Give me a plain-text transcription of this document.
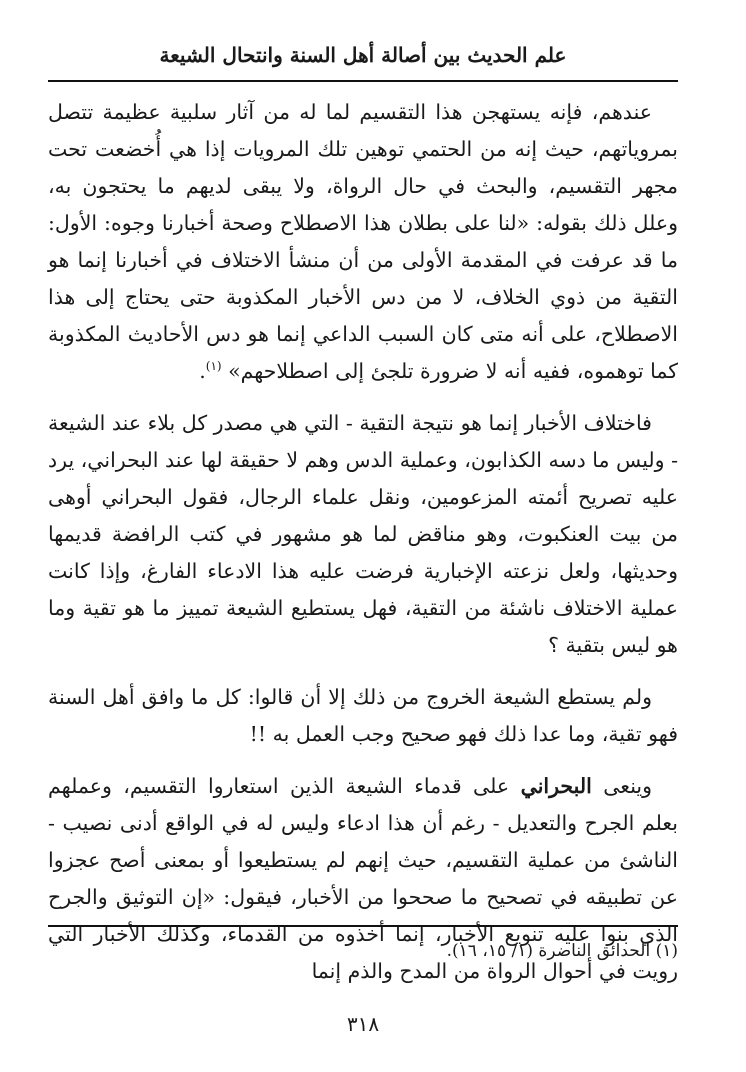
علم الحديث بين أصالة أهل السنة وانتحال الشيعة

عندهم، فإنه يستهجن هذا التقسيم لما له من آثار سلبية عظيمة تتصل بمروياتهم، حيث إنه من الحتمي توهين تلك المرويات إذا هي أُخضعت تحت مجهر التقسيم، والبحث في حال الرواة، ولا يبقى لديهم ما يحتجون به، وعلل ذلك بقوله: «لنا على بطلان هذا الاصطلاح وصحة أخبارنا وجوه: الأول: ما قد عرفت في المقدمة الأولى من أن منشأ الاختلاف في أخبارنا إنما هو التقية من ذوي الخلاف، لا من دس الأخبار المكذوبة حتى يحتاج إلى هذا الاصطلاح، على أنه متى كان السبب الداعي إنما هو دس الأحاديث المكذوبة كما توهموه، ففيه أنه لا ضرورة تلجئ إلى اصطلاحهم» $^{(١)}$.

فاختلاف الأخبار إنما هو نتيجة التقية - التي هي مصدر كل بلاء عند الشيعة - وليس ما دسه الكذابون، وعملية الدس وهم لا حقيقة لها عند البحراني، يرد عليه تصريح أئمته المزعومين، ونقل علماء الرجال، فقول البحراني أوهى من بيت العنكبوت، وهو مناقض لما هو مشهور في كتب الرافضة قديمها وحديثها، ولعل نزعته الإخبارية فرضت عليه هذا الادعاء الفارغ، وإذا كانت عملية الاختلاف ناشئة من التقية، فهل يستطيع الشيعة تمييز ما هو تقية وما هو ليس بتقية ؟

ولم يستطع الشيعة الخروج من ذلك إلا أن قالوا: كل ما وافق أهل السنة فهو تقية، وما عدا ذلك فهو صحيح وجب العمل به !!

وينعى البحراني على قدماء الشيعة الذين استعاروا التقسيم، وعملهم بعلم الجرح والتعديل - رغم أن هذا ادعاء وليس له في الواقع أدنى نصيب - الناشئ من عملية التقسيم، حيث إنهم لم يستطيعوا أو بمعنى أصح عجزوا عن تطبيقه في تصحيح ما صححوا من الأخبار، فيقول: «إن التوثيق والجرح الذي بنوا عليه تنويع الأخبار، إنما أخذوه من القدماء، وكذلك الأخبار التي رويت في أحوال الرواة من المدح والذم إنما

(١) الحدائق الناضرة (١/ ١٥، ١٦).
٣١٨
